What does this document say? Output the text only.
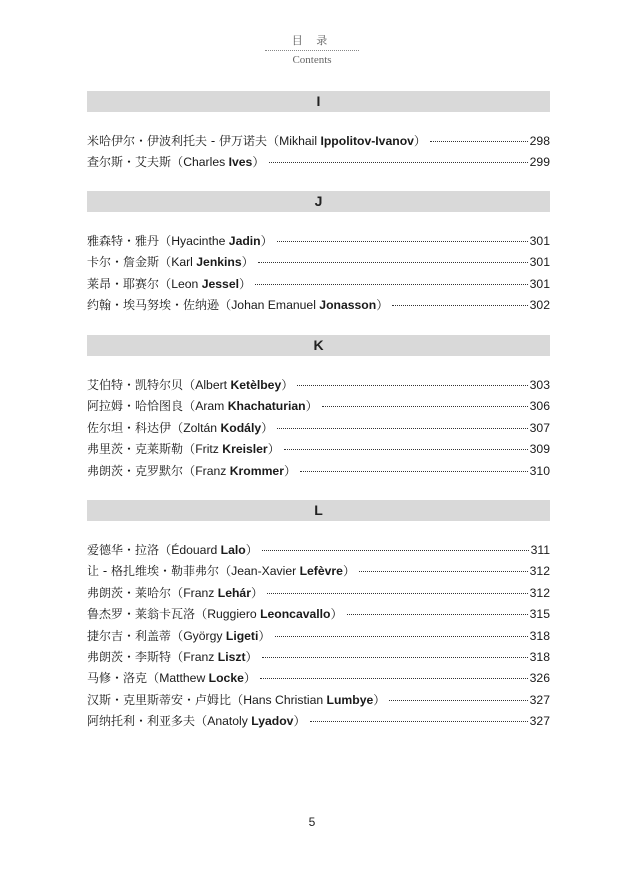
目 录
Contents
I
米哈伊尔・伊波利托夫 - 伊万诺夫（Mikhail Ippolitov-Ivanov）	298
查尔斯・艾夫斯（Charles Ives）	299
J
雅森特・雅丹（Hyacinthe Jadin）	301
卡尔・詹金斯（Karl Jenkins）	301
莱昂・耶赛尔（Leon Jessel）	301
约翰・埃马努埃・佐纳逊（Johan Emanuel Jonasson）	302
K
艾伯特・凯特尔贝（Albert Ketèlbey）	303
阿拉姆・哈恰图良（Aram Khachaturian）	306
佐尔坦・科达伊（Zoltán Kodály）	307
弗里茨・克莱斯勒（Fritz Kreisler）	309
弗朗茨・克罗默尔（Franz Krommer）	310
L
爱德华・拉洛（Édouard Lalo）	311
让 - 格扎维埃・勒菲弗尔（Jean-Xavier Lefèvre）	312
弗朗茨・莱哈尔（Franz Lehár）	312
鲁杰罗・莱翁卡瓦洛（Ruggiero Leoncavallo）	315
捷尔吉・利盖蒂（György Ligeti）	318
弗朗茨・李斯特（Franz Liszt）	318
马修・洛克（Matthew Locke）	326
汉斯・克里斯蒂安・卢姆比（Hans Christian Lumbye）	327
阿纳托利・利亚多夫（Anatoly Lyadov）	327
5
